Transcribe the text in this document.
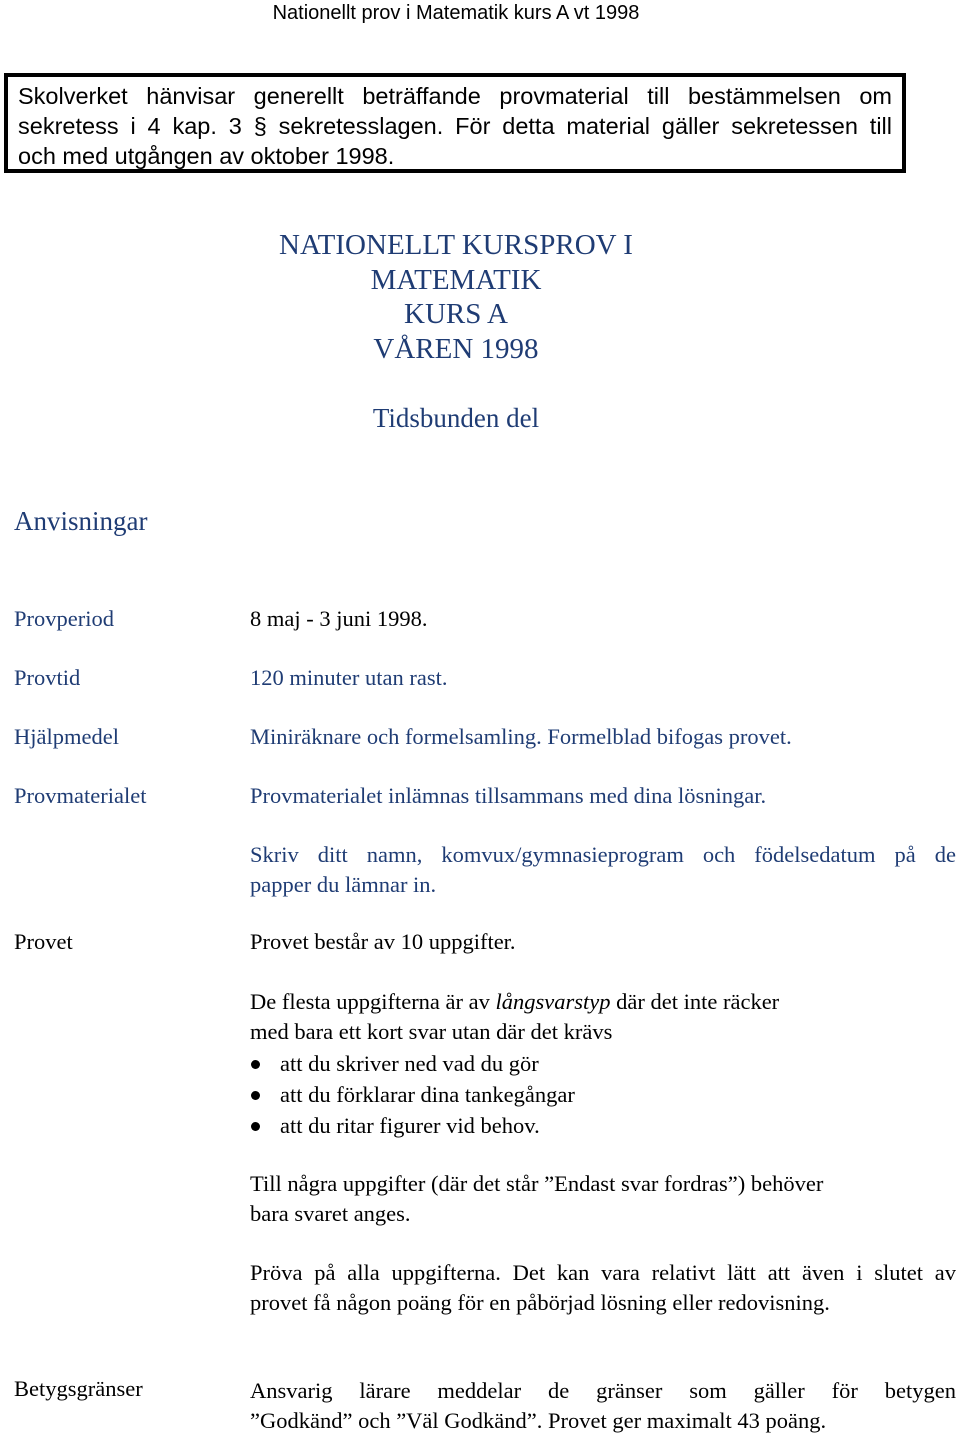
Nationellt prov i Matematik kurs A vt 1998
Skolverket hänvisar generellt beträffande provmaterial till bestämmelsen om
sekretess i 4 kap. 3 § sekretesslagen. För detta material gäller sekretessen till
och med utgången av oktober 1998.
NATIONELLT KURSPROV I
MATEMATIK
KURS A
VÅREN 1998
Tidsbunden del
Anvisningar
Provperiod	8 maj - 3 juni 1998.
Provtid	120 minuter utan rast.
Hjälpmedel	Miniräknare och formelsamling. Formelblad bifogas provet.
Provmaterialet	Provmaterialet inlämnas tillsammans med dina lösningar.
Skriv ditt namn, komvux/gymnasieprogram och födelsedatum på de
papper du lämnar in.
Provet	Provet består av 10 uppgifter.
De flesta uppgifterna är av långsvarstyp där det inte räcker
med bara ett kort svar utan där det krävs
att du skriver ned vad du gör
att du förklarar dina tankegångar
att du ritar figurer vid behov.
Till några uppgifter (där det står ”Endast svar fordras”) behöver
bara svaret anges.
Pröva på alla uppgifterna. Det kan vara relativt lätt att även i slutet av
provet få någon poäng för en påbörjad lösning eller redovisning.
Betygsgränser	Ansvarig lärare meddelar de gränser som gäller för betygen
”Godkänd” och ”Väl Godkänd”. Provet ger maximalt 43 poäng.
